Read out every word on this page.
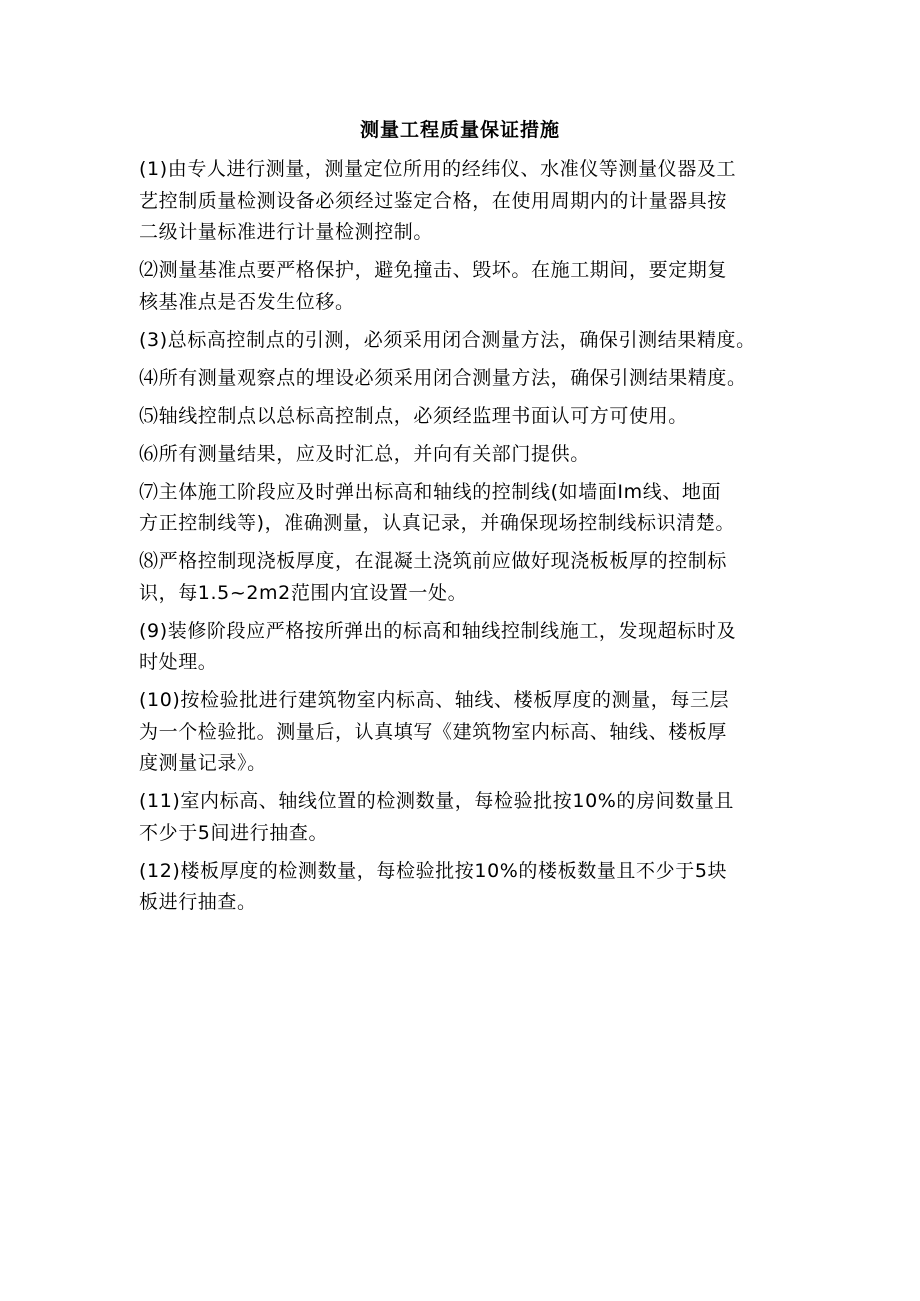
测量工程质量保证措施
(1)由专人进行测量，测量定位所用的经纬仪、水准仪等测量仪器及工
艺控制质量检测设备必须经过鉴定合格，在使用周期内的计量器具按
二级计量标准进行计量检测控制。
⑵测量基准点要严格保护，避免撞击、毁坏。在施工期间，要定期复
核基准点是否发生位移。
(3)总标高控制点的引测，必须采用闭合测量方法，确保引测结果精度。
⑷所有测量观察点的埋设必须采用闭合测量方法，确保引测结果精度。
⑸轴线控制点以总标高控制点，必须经监理书面认可方可使用。
⑹所有测量结果，应及时汇总，并向有关部门提供。
⑺主体施工阶段应及时弹出标高和轴线的控制线(如墙面Im线、地面
方正控制线等)，准确测量，认真记录，并确保现场控制线标识清楚。
⑻严格控制现浇板厚度，在混凝土浇筑前应做好现浇板板厚的控制标
识，每1.5~2m2范围内宜设置一处。
(9)装修阶段应严格按所弹出的标高和轴线控制线施工，发现超标时及
时处理。
(10)按检验批进行建筑物室内标高、轴线、楼板厚度的测量，每三层
为一个检验批。测量后，认真填写《建筑物室内标高、轴线、楼板厚
度测量记录》。
(11)室内标高、轴线位置的检测数量，每检验批按10%的房间数量且
不少于5间进行抽查。
(12)楼板厚度的检测数量，每检验批按10%的楼板数量且不少于5块
板进行抽查。
